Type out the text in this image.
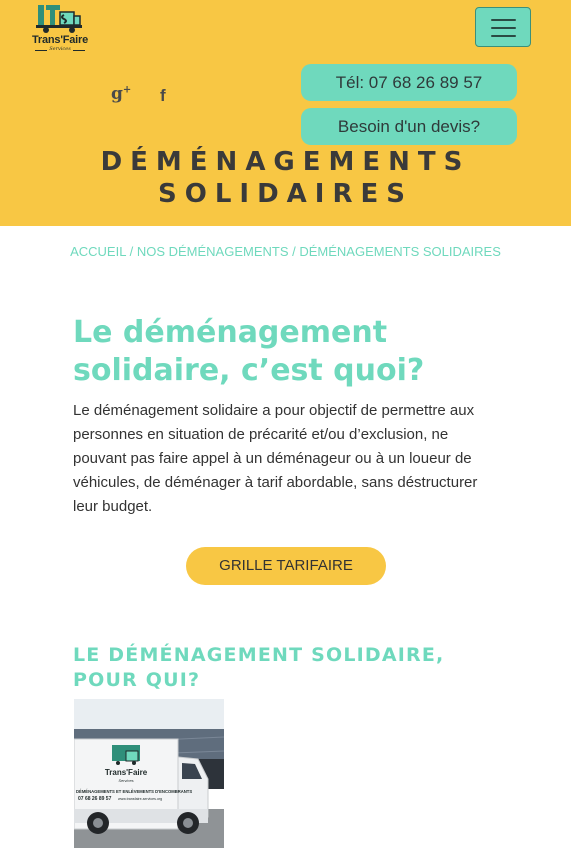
Trans'Faire
Services
g+ f
Tél: 07 68 26 89 57
Besoin d'un devis?
DÉMÉNAGEMENTS
SOLIDAIRES
ACCUEIL / NOS DÉMÉNAGEMENTS / DÉMÉNAGEMENTS SOLIDAIRES
Le déménagement solidaire, c’est quoi?

Le déménagement solidaire a pour objectif de permettre aux personnes en situation de précarité et/ou d’exclusion, ne pouvant pas faire appel à un déménageur ou à un loueur de véhicules, de déménager à tarif abordable, sans déstructurer leur budget.

GRILLE TARIFAIRE
LE DÉMÉNAGEMENT SOLIDAIRE, POUR QUI?
Trans'Faire
Services
DÉMÉNAGEMENTS ET ENLÈVEMENTS D'ENCOMBRANTS
07 68 26 89 57 www.transfaire-services.org
